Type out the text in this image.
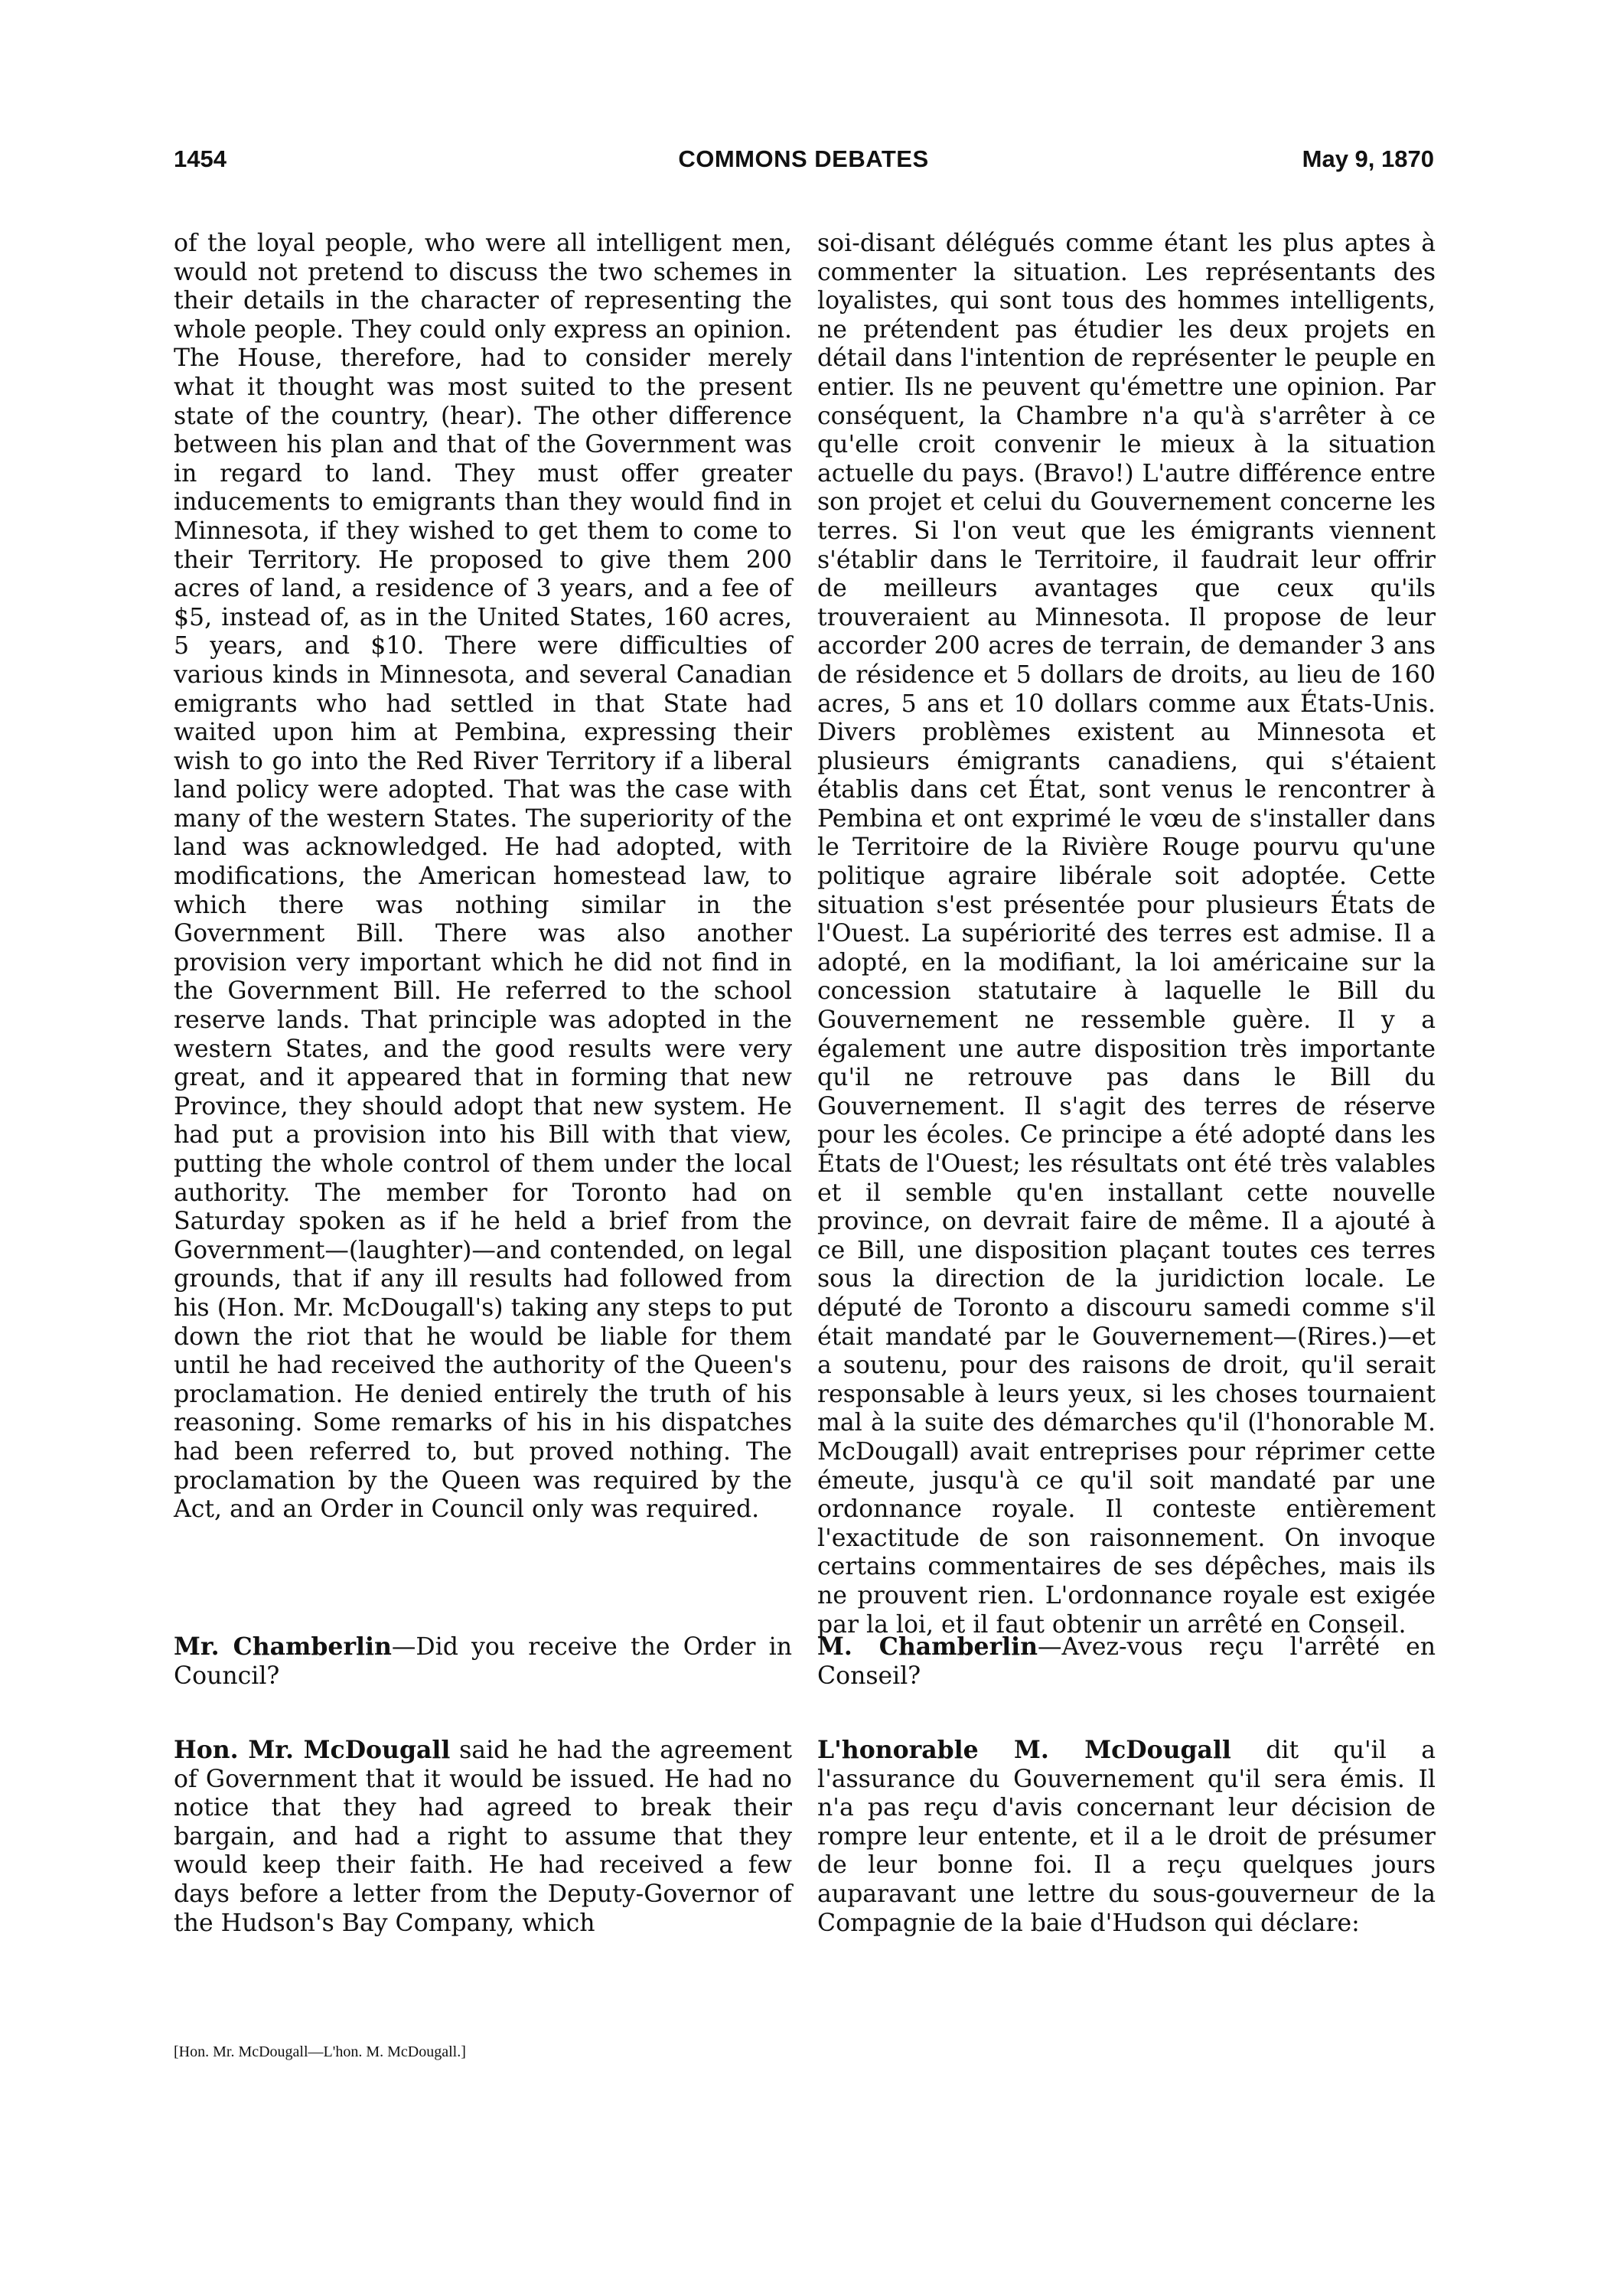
1454	COMMONS DEBATES	May 9, 1870

of the loyal people, who were all intelligent men, would not pretend to discuss the two schemes in their details in the character of representing the whole people. They could only express an opinion. The House, therefore, had to consider merely what it thought was most suited to the present state of the country, (hear). The other difference between his plan and that of the Government was in regard to land. They must offer greater inducements to emigrants than they would find in Minnesota, if they wished to get them to come to their Territory. He proposed to give them 200 acres of land, a residence of 3 years, and a fee of $5, instead of, as in the United States, 160 acres, 5 years, and $10. There were difficulties of various kinds in Minnesota, and several Canadian emigrants who had settled in that State had waited upon him at Pembina, expressing their wish to go into the Red River Territory if a liberal land policy were adopted. That was the case with many of the western States. The superiority of the land was acknowledged. He had adopted, with modifications, the American homestead law, to which there was nothing similar in the Government Bill. There was also another provision very important which he did not find in the Government Bill. He referred to the school reserve lands. That principle was adopted in the western States, and the good results were very great, and it appeared that in forming that new Province, they should adopt that new system. He had put a provision into his Bill with that view, putting the whole control of them under the local authority. The member for Toronto had on Saturday spoken as if he held a brief from the Government—(laughter)—and contended, on legal grounds, that if any ill results had followed from his (Hon. Mr. McDougall's) taking any steps to put down the riot that he would be liable for them until he had received the authority of the Queen's proclamation. He denied entirely the truth of his reasoning. Some remarks of his in his dispatches had been referred to, but proved nothing. The proclamation by the Queen was required by the Act, and an Order in Council only was required.

Mr. Chamberlin—Did you receive the Order in Council?

Hon. Mr. McDougall said he had the agreement of Government that it would be issued. He had no notice that they had agreed to break their bargain, and had a right to assume that they would keep their faith. He had received a few days before a letter from the Deputy-Governor of the Hudson's Bay Company, which

soi-disant délégués comme étant les plus aptes à commenter la situation. Les représentants des loyalistes, qui sont tous des hommes intelligents, ne prétendent pas étudier les deux projets en détail dans l'intention de représenter le peuple en entier. Ils ne peuvent qu'émettre une opinion. Par conséquent, la Chambre n'a qu'à s'arrêter à ce qu'elle croit convenir le mieux à la situation actuelle du pays. (Bravo!) L'autre différence entre son projet et celui du Gouvernement concerne les terres. Si l'on veut que les émigrants viennent s'établir dans le Territoire, il faudrait leur offrir de meilleurs avantages que ceux qu'ils trouveraient au Minnesota. Il propose de leur accorder 200 acres de terrain, de demander 3 ans de résidence et 5 dollars de droits, au lieu de 160 acres, 5 ans et 10 dollars comme aux États-Unis. Divers problèmes existent au Minnesota et plusieurs émigrants canadiens, qui s'étaient établis dans cet État, sont venus le rencontrer à Pembina et ont exprimé le vœu de s'installer dans le Territoire de la Rivière Rouge pourvu qu'une politique agraire libérale soit adoptée. Cette situation s'est présentée pour plusieurs États de l'Ouest. La supériorité des terres est admise. Il a adopté, en la modifiant, la loi américaine sur la concession statutaire à laquelle le Bill du Gouvernement ne ressemble guère. Il y a également une autre disposition très importante qu'il ne retrouve pas dans le Bill du Gouvernement. Il s'agit des terres de réserve pour les écoles. Ce principe a été adopté dans les États de l'Ouest; les résultats ont été très valables et il semble qu'en installant cette nouvelle province, on devrait faire de même. Il a ajouté à ce Bill, une disposition plaçant toutes ces terres sous la direction de la juridiction locale. Le député de Toronto a discouru samedi comme s'il était mandaté par le Gouvernement—(Rires.)—et a soutenu, pour des raisons de droit, qu'il serait responsable à leurs yeux, si les choses tournaient mal à la suite des démarches qu'il (l'honorable M. McDougall) avait entreprises pour réprimer cette émeute, jusqu'à ce qu'il soit mandaté par une ordonnance royale. Il conteste entièrement l'exactitude de son raisonnement. On invoque certains commentaires de ses dépêches, mais ils ne prouvent rien. L'ordonnance royale est exigée par la loi, et il faut obtenir un arrêté en Conseil.

M. Chamberlin—Avez-vous reçu l'arrêté en Conseil?

L'honorable M. McDougall dit qu'il a l'assurance du Gouvernement qu'il sera émis. Il n'a pas reçu d'avis concernant leur décision de rompre leur entente, et il a le droit de présumer de leur bonne foi. Il a reçu quelques jours auparavant une lettre du sous-gouverneur de la Compagnie de la baie d'Hudson qui déclare:

[Hon. Mr. McDougall—L'hon. M. McDougall.]
